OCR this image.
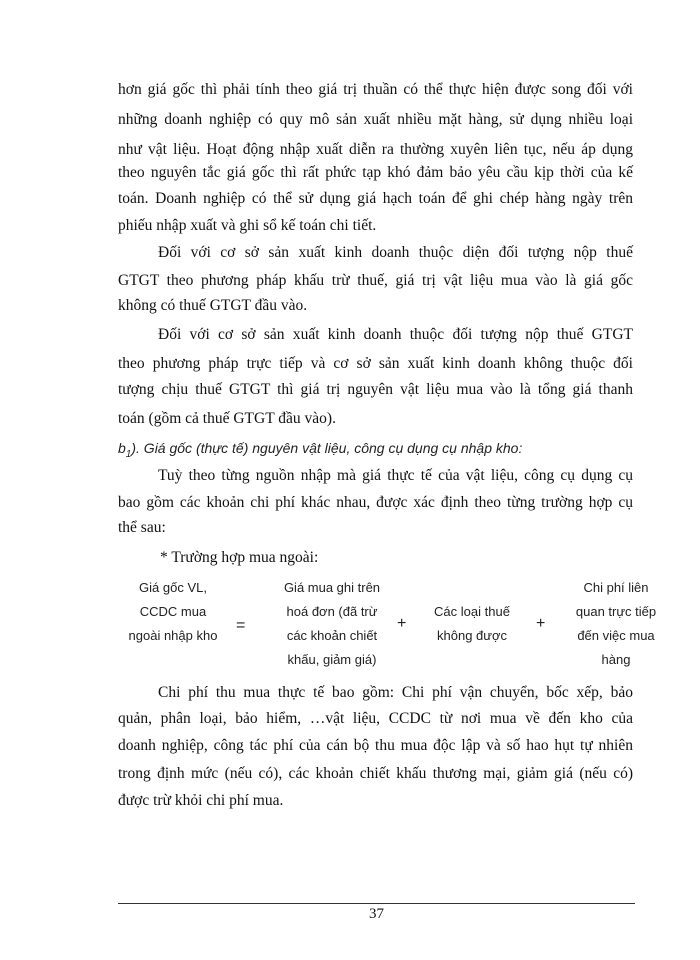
hơn giá gốc thì phải tính theo giá trị thuần có thể thực hiện được song đối với
những doanh nghiệp có quy mô sản xuất nhiều mặt hàng, sử dụng nhiều loại
như vật liệu. Hoạt động nhập xuất diễn ra thường xuyên liên tục, nếu áp dụng
theo nguyên tắc giá gốc thì rất phức tạp khó đảm bảo yêu cầu kịp thời của kế
toán. Doanh nghiệp có thể sử dụng giá hạch toán để ghi chép hàng ngày trên
phiếu nhập xuất và ghi sổ kế toán chi tiết.
Đối với cơ sở sản xuất kinh doanh thuộc diện đối tượng nộp thuế
GTGT theo phương pháp khấu trừ thuế, giá trị vật liệu mua vào là giá gốc
không có thuế GTGT đầu vào.
Đối với cơ sở sản xuất kinh doanh thuộc đối tượng nộp thuế GTGT
theo phương pháp trực tiếp và cơ sở sản xuất kinh doanh không thuộc đối
tượng chịu thuế GTGT thì giá trị nguyên vật liệu mua vào là tổng giá thanh
toán (gồm cả thuế GTGT đầu vào).
$b_1$). Giá gốc (thực tế) nguyên vật liệu, công cụ dụng cụ nhập kho:
Tuỳ theo từng nguồn nhập mà giá thực tế của vật liệu, công cụ dụng cụ
bao gồm các khoản chi phí khác nhau, được xác định theo từng trường hợp cụ
thể sau:
* Trường hợp mua ngoài:
Giá gốc VL,
CCDC mua
ngoài nhập kho
=
Giá mua ghi trên
hoá đơn (đã trừ
các khoản chiết
khấu, giảm giá)
+
Các loại thuế
không được
+
Chi phí liên
quan trực tiếp
đến việc mua
hàng
Chi phí thu mua thực tế bao gồm: Chi phí vận chuyển, bốc xếp, bảo
quản, phân loại, bảo hiểm, …vật liệu, CCDC từ nơi mua về đến kho của
doanh nghiệp, công tác phí của cán bộ thu mua độc lập và số hao hụt tự nhiên
trong định mức (nếu có), các khoản chiết khấu thương mại, giảm giá (nếu có)
được trừ khỏi chi phí mua.
37
